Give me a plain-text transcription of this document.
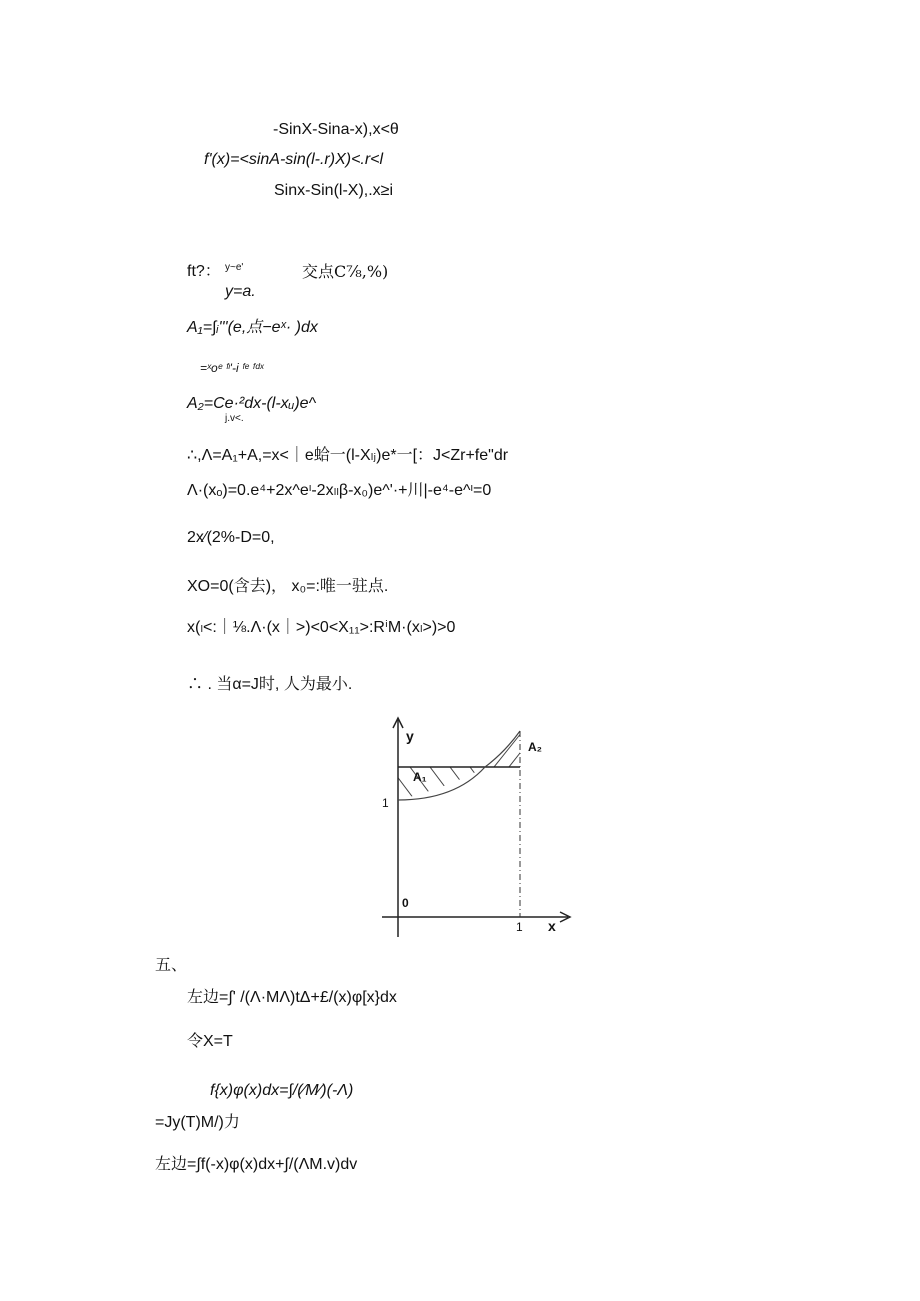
-SinX-Sina-x),x<θ
f'(x)=<sinA-sin(l-.r)X)<.r<l
Sinx-Sin(l-X),.x≥i
ft?： y~e'	交点C⅞,%)
y=a.
A₁=∫ᵢ'''(e,点−eˣ· )dx
=ˣoᵉ ᶠᶦ'-i ᶠᵉ ᶠᵈˣ
A₂=Ce·²dx-(l-xᵤ)e^
j.v<.
∴,Λ=A₁+A,=x<｜e蛤一(l-Xₗⱼ)e*一[：J<Zr+fe"dr
Λ·(xₒ)=0.e⁴+2x^eᶦ-2xₗₗβ-x₀)e^'·+川|-e⁴-e^ᶦ=0
2x⁄(2%-D=0,
XO=0(含去)， x₀=:唯一驻点.
x(ₗ<:｜⅛.Λ·(x｜>)<0<X₁₁>:RⁱM·(xₗ>)>0
∴ . 当α=J时, 人为最小.
y
x
0
1
1
A₁
A₂
五、
左边=∫' /(Λ·MΛ)tΔ+£/(x)φ[x}dx
令X=T
f{x)φ(x)dx=∫/(⁄M⁄)(-Λ)
=Jy(T)M/)力
左边=∫f(-x)φ(x)dx+∫/(ΛM.v)dv
